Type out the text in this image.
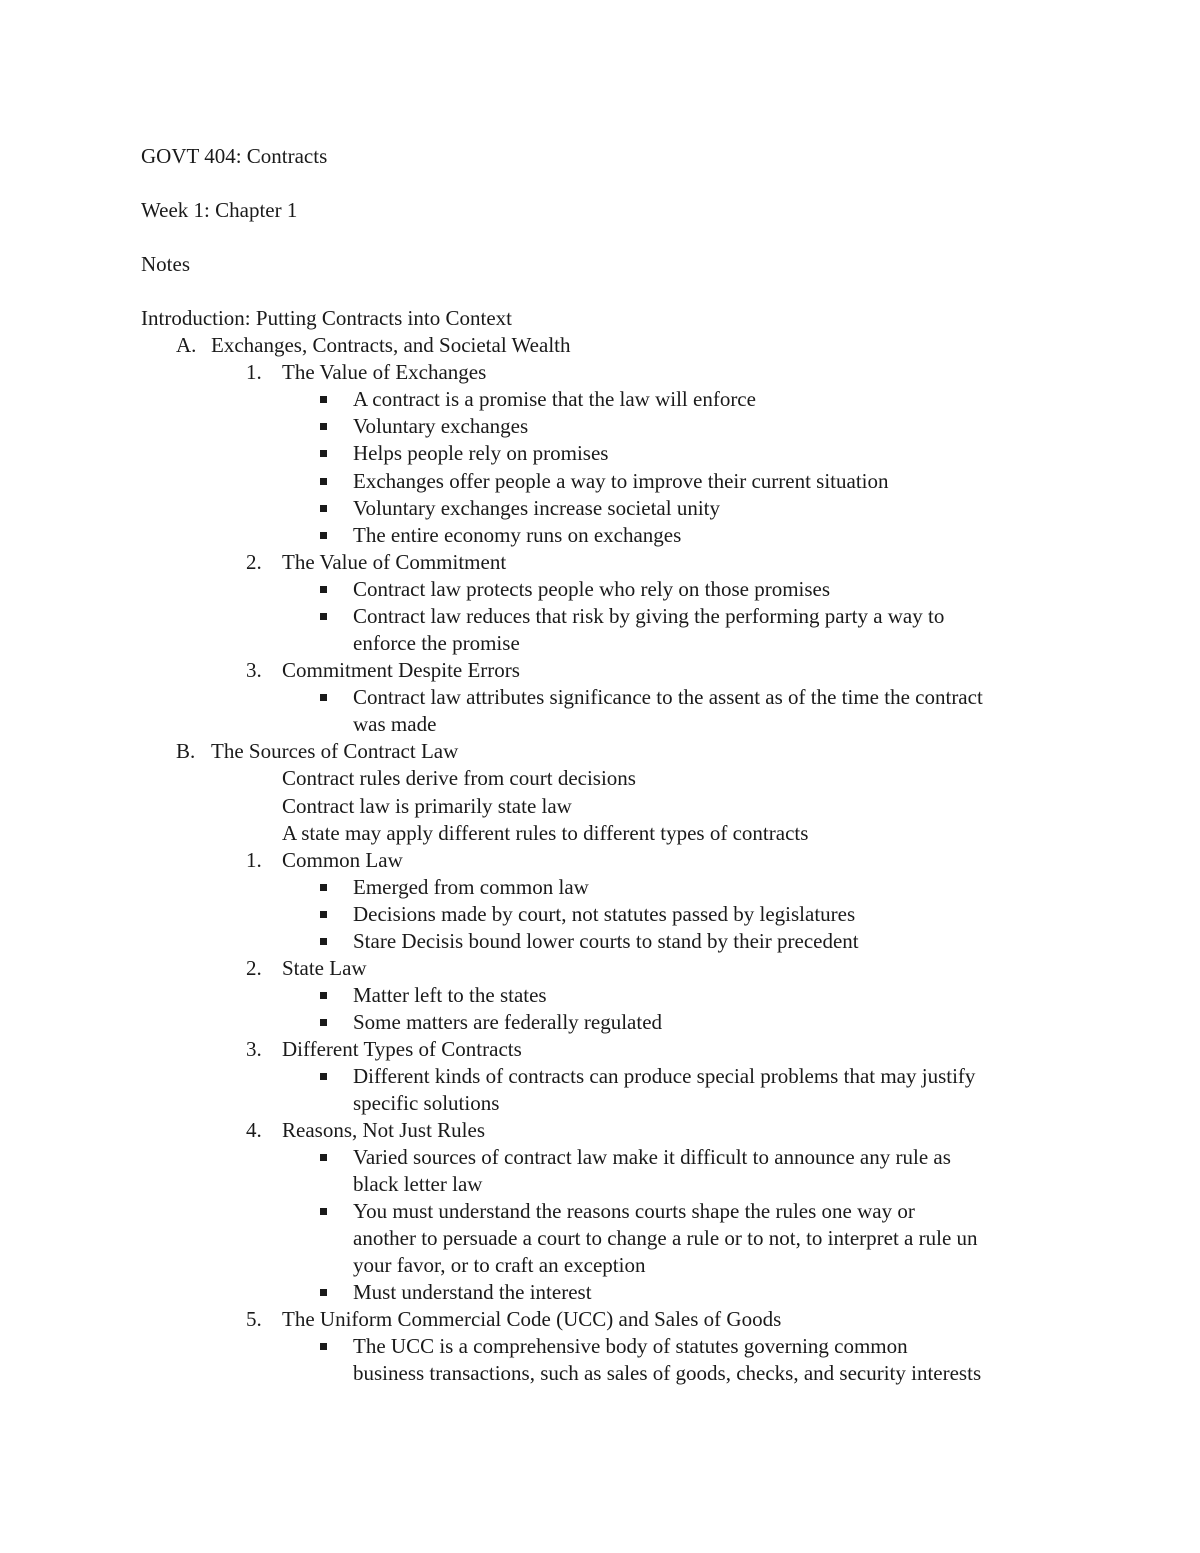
GOVT 404: Contracts
Week 1: Chapter 1
Notes
Introduction: Putting Contracts into Context
A. Exchanges, Contracts, and Societal Wealth
1. The Value of Exchanges
A contract is a promise that the law will enforce
Voluntary exchanges
Helps people rely on promises
Exchanges offer people a way to improve their current situation
Voluntary exchanges increase societal unity
The entire economy runs on exchanges
2. The Value of Commitment
Contract law protects people who rely on those promises
Contract law reduces that risk by giving the performing party a way to
enforce the promise
3. Commitment Despite Errors
Contract law attributes significance to the assent as of the time the contract
was made
B. The Sources of Contract Law
Contract rules derive from court decisions
Contract law is primarily state law
A state may apply different rules to different types of contracts
1. Common Law
Emerged from common law
Decisions made by court, not statutes passed by legislatures
Stare Decisis bound lower courts to stand by their precedent
2. State Law
Matter left to the states
Some matters are federally regulated
3. Different Types of Contracts
Different kinds of contracts can produce special problems that may justify
specific solutions
4. Reasons, Not Just Rules
Varied sources of contract law make it difficult to announce any rule as
black letter law
You must understand the reasons courts shape the rules one way or
another to persuade a court to change a rule or to not, to interpret a rule un
your favor, or to craft an exception
Must understand the interest
5. The Uniform Commercial Code (UCC) and Sales of Goods
The UCC is a comprehensive body of statutes governing common
business transactions, such as sales of goods, checks, and security interests
